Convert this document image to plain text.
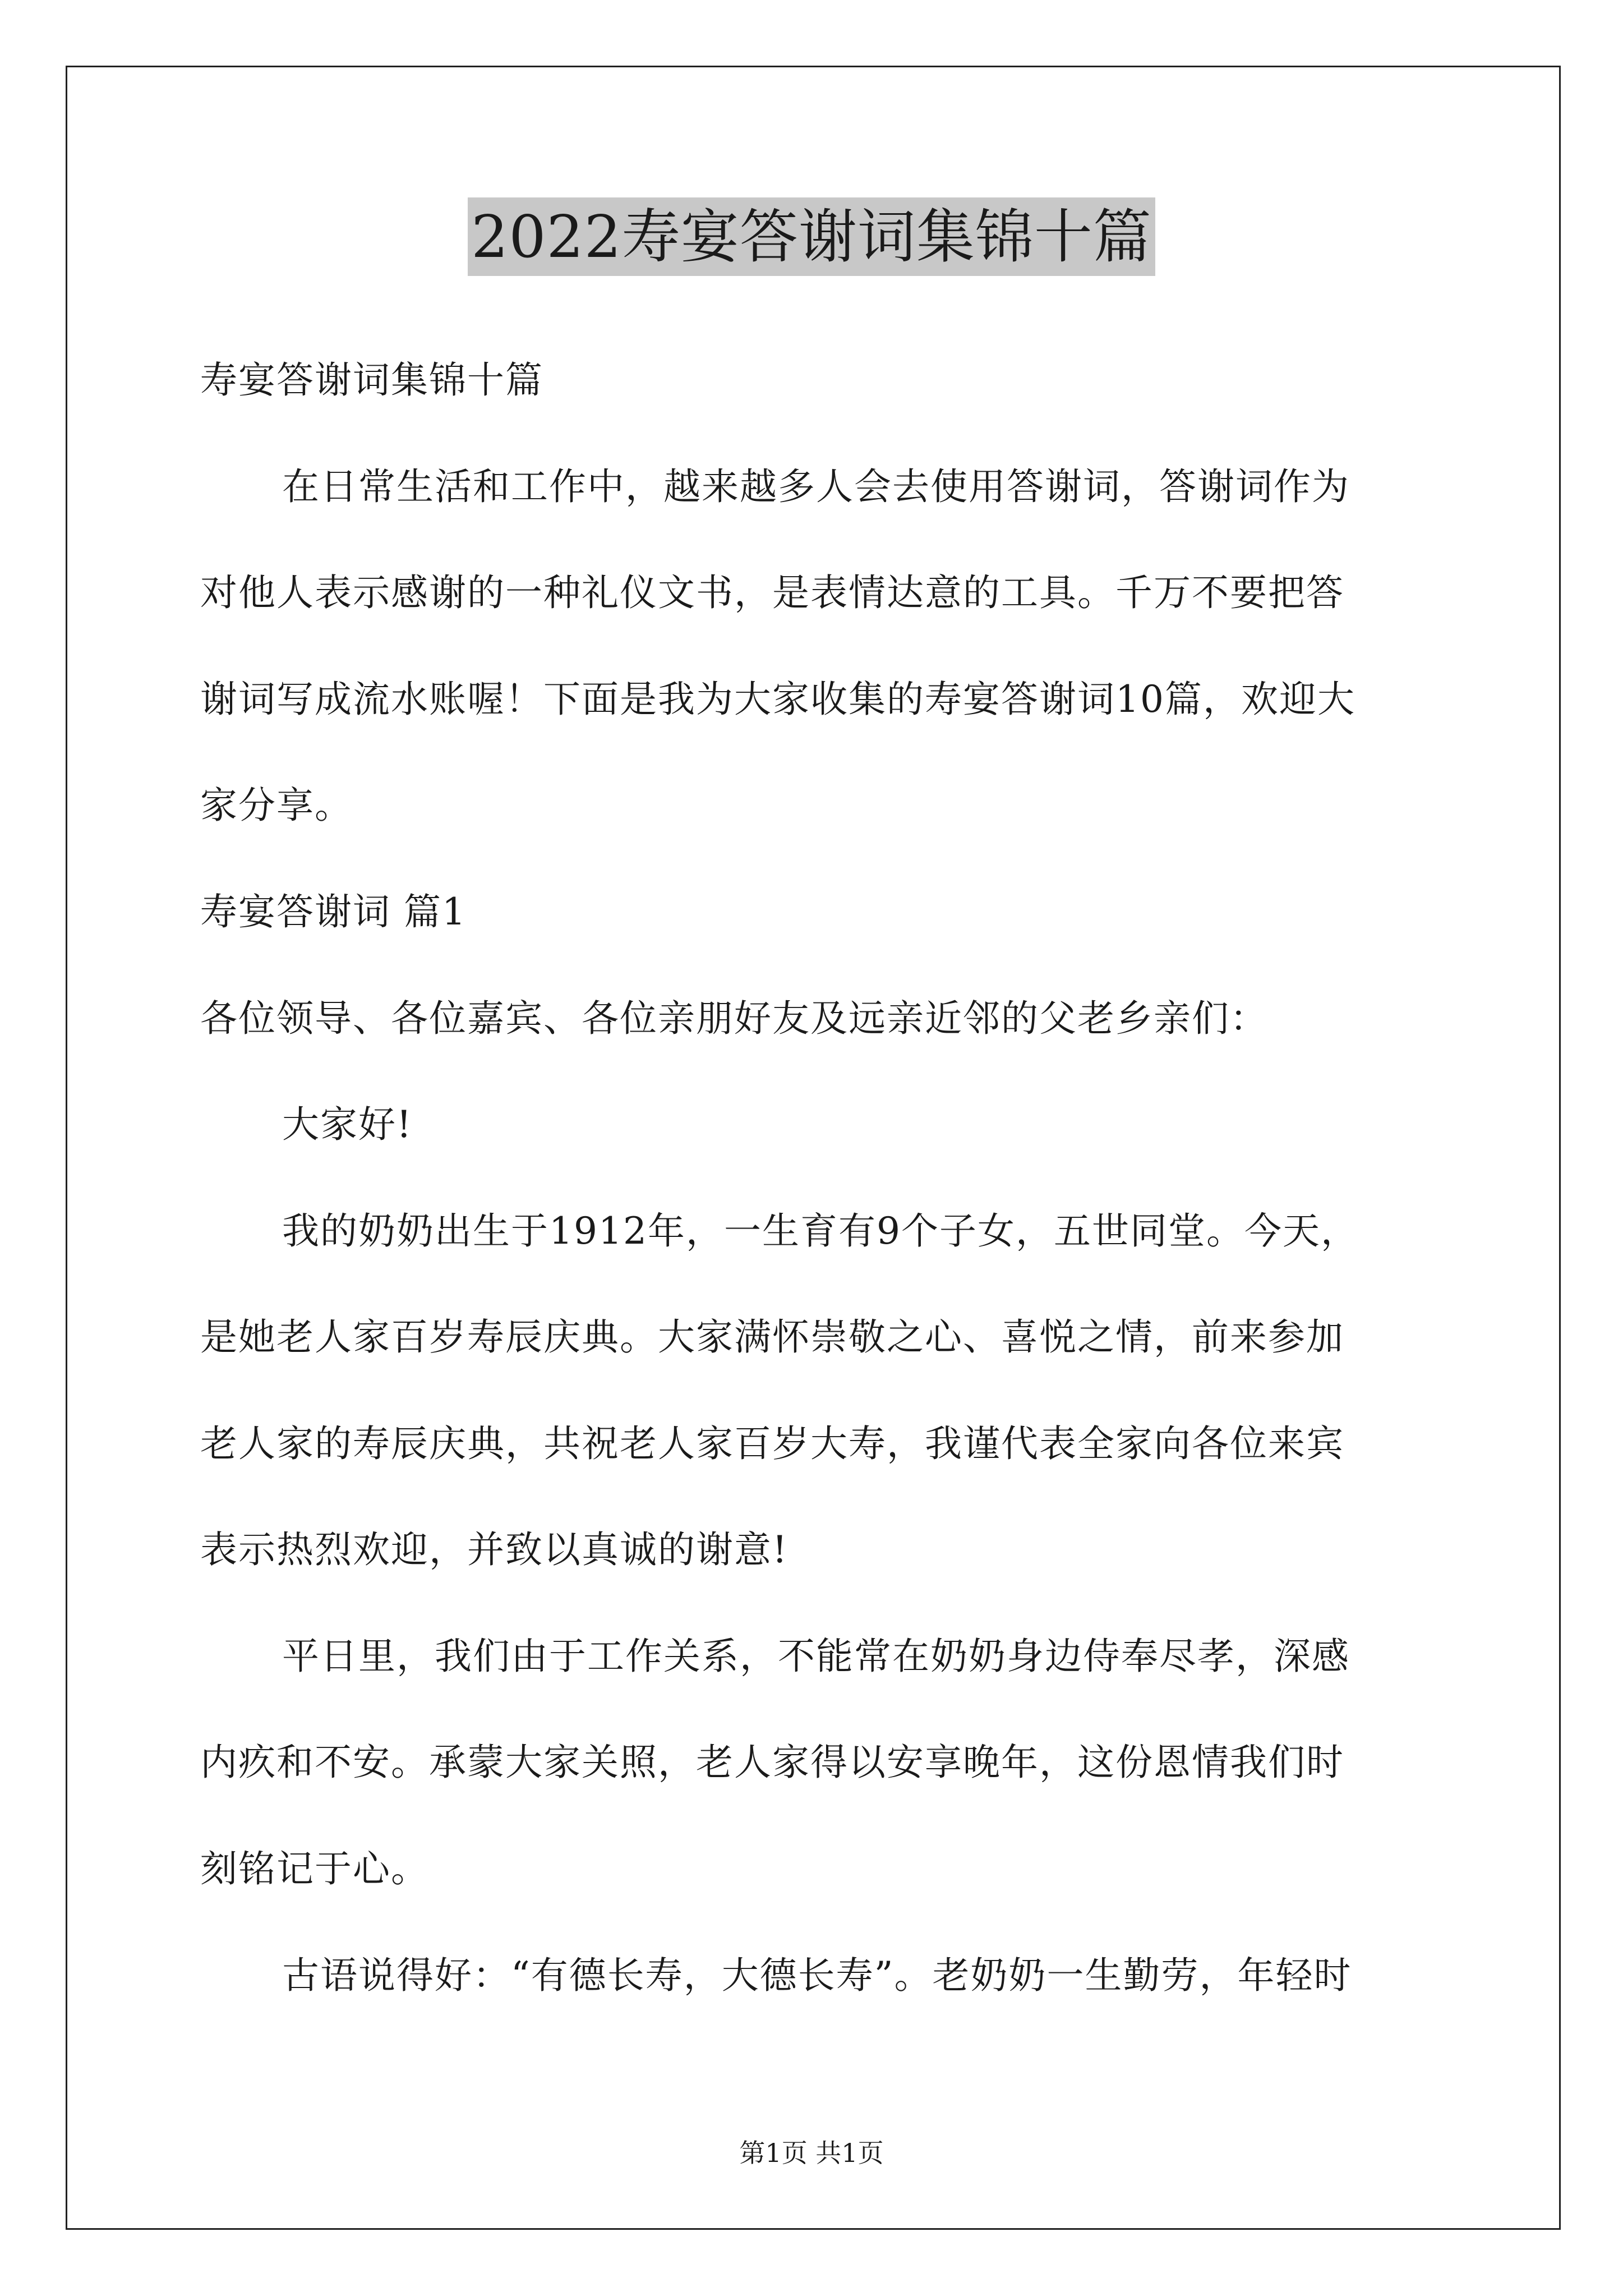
2022寿宴答谢词集锦十篇
寿宴答谢词集锦十篇
在日常生活和工作中，越来越多人会去使用答谢词，答谢词作为
对他人表示感谢的一种礼仪文书，是表情达意的工具。千万不要把答
谢词写成流水账喔！下面是我为大家收集的寿宴答谢词10篇，欢迎大
家分享。
寿宴答谢词 篇1
各位领导、各位嘉宾、各位亲朋好友及远亲近邻的父老乡亲们：
大家好!
我的奶奶出生于1912年，一生育有9个子女，五世同堂。今天，
是她老人家百岁寿辰庆典。大家满怀崇敬之心、喜悦之情，前来参加
老人家的寿辰庆典，共祝老人家百岁大寿，我谨代表全家向各位来宾
表示热烈欢迎，并致以真诚的谢意!
平日里，我们由于工作关系，不能常在奶奶身边侍奉尽孝，深感
内疚和不安。承蒙大家关照，老人家得以安享晚年，这份恩情我们时
刻铭记于心。
古语说得好：“有德长寿，大德长寿”。老奶奶一生勤劳，年轻时
第1页 共1页
